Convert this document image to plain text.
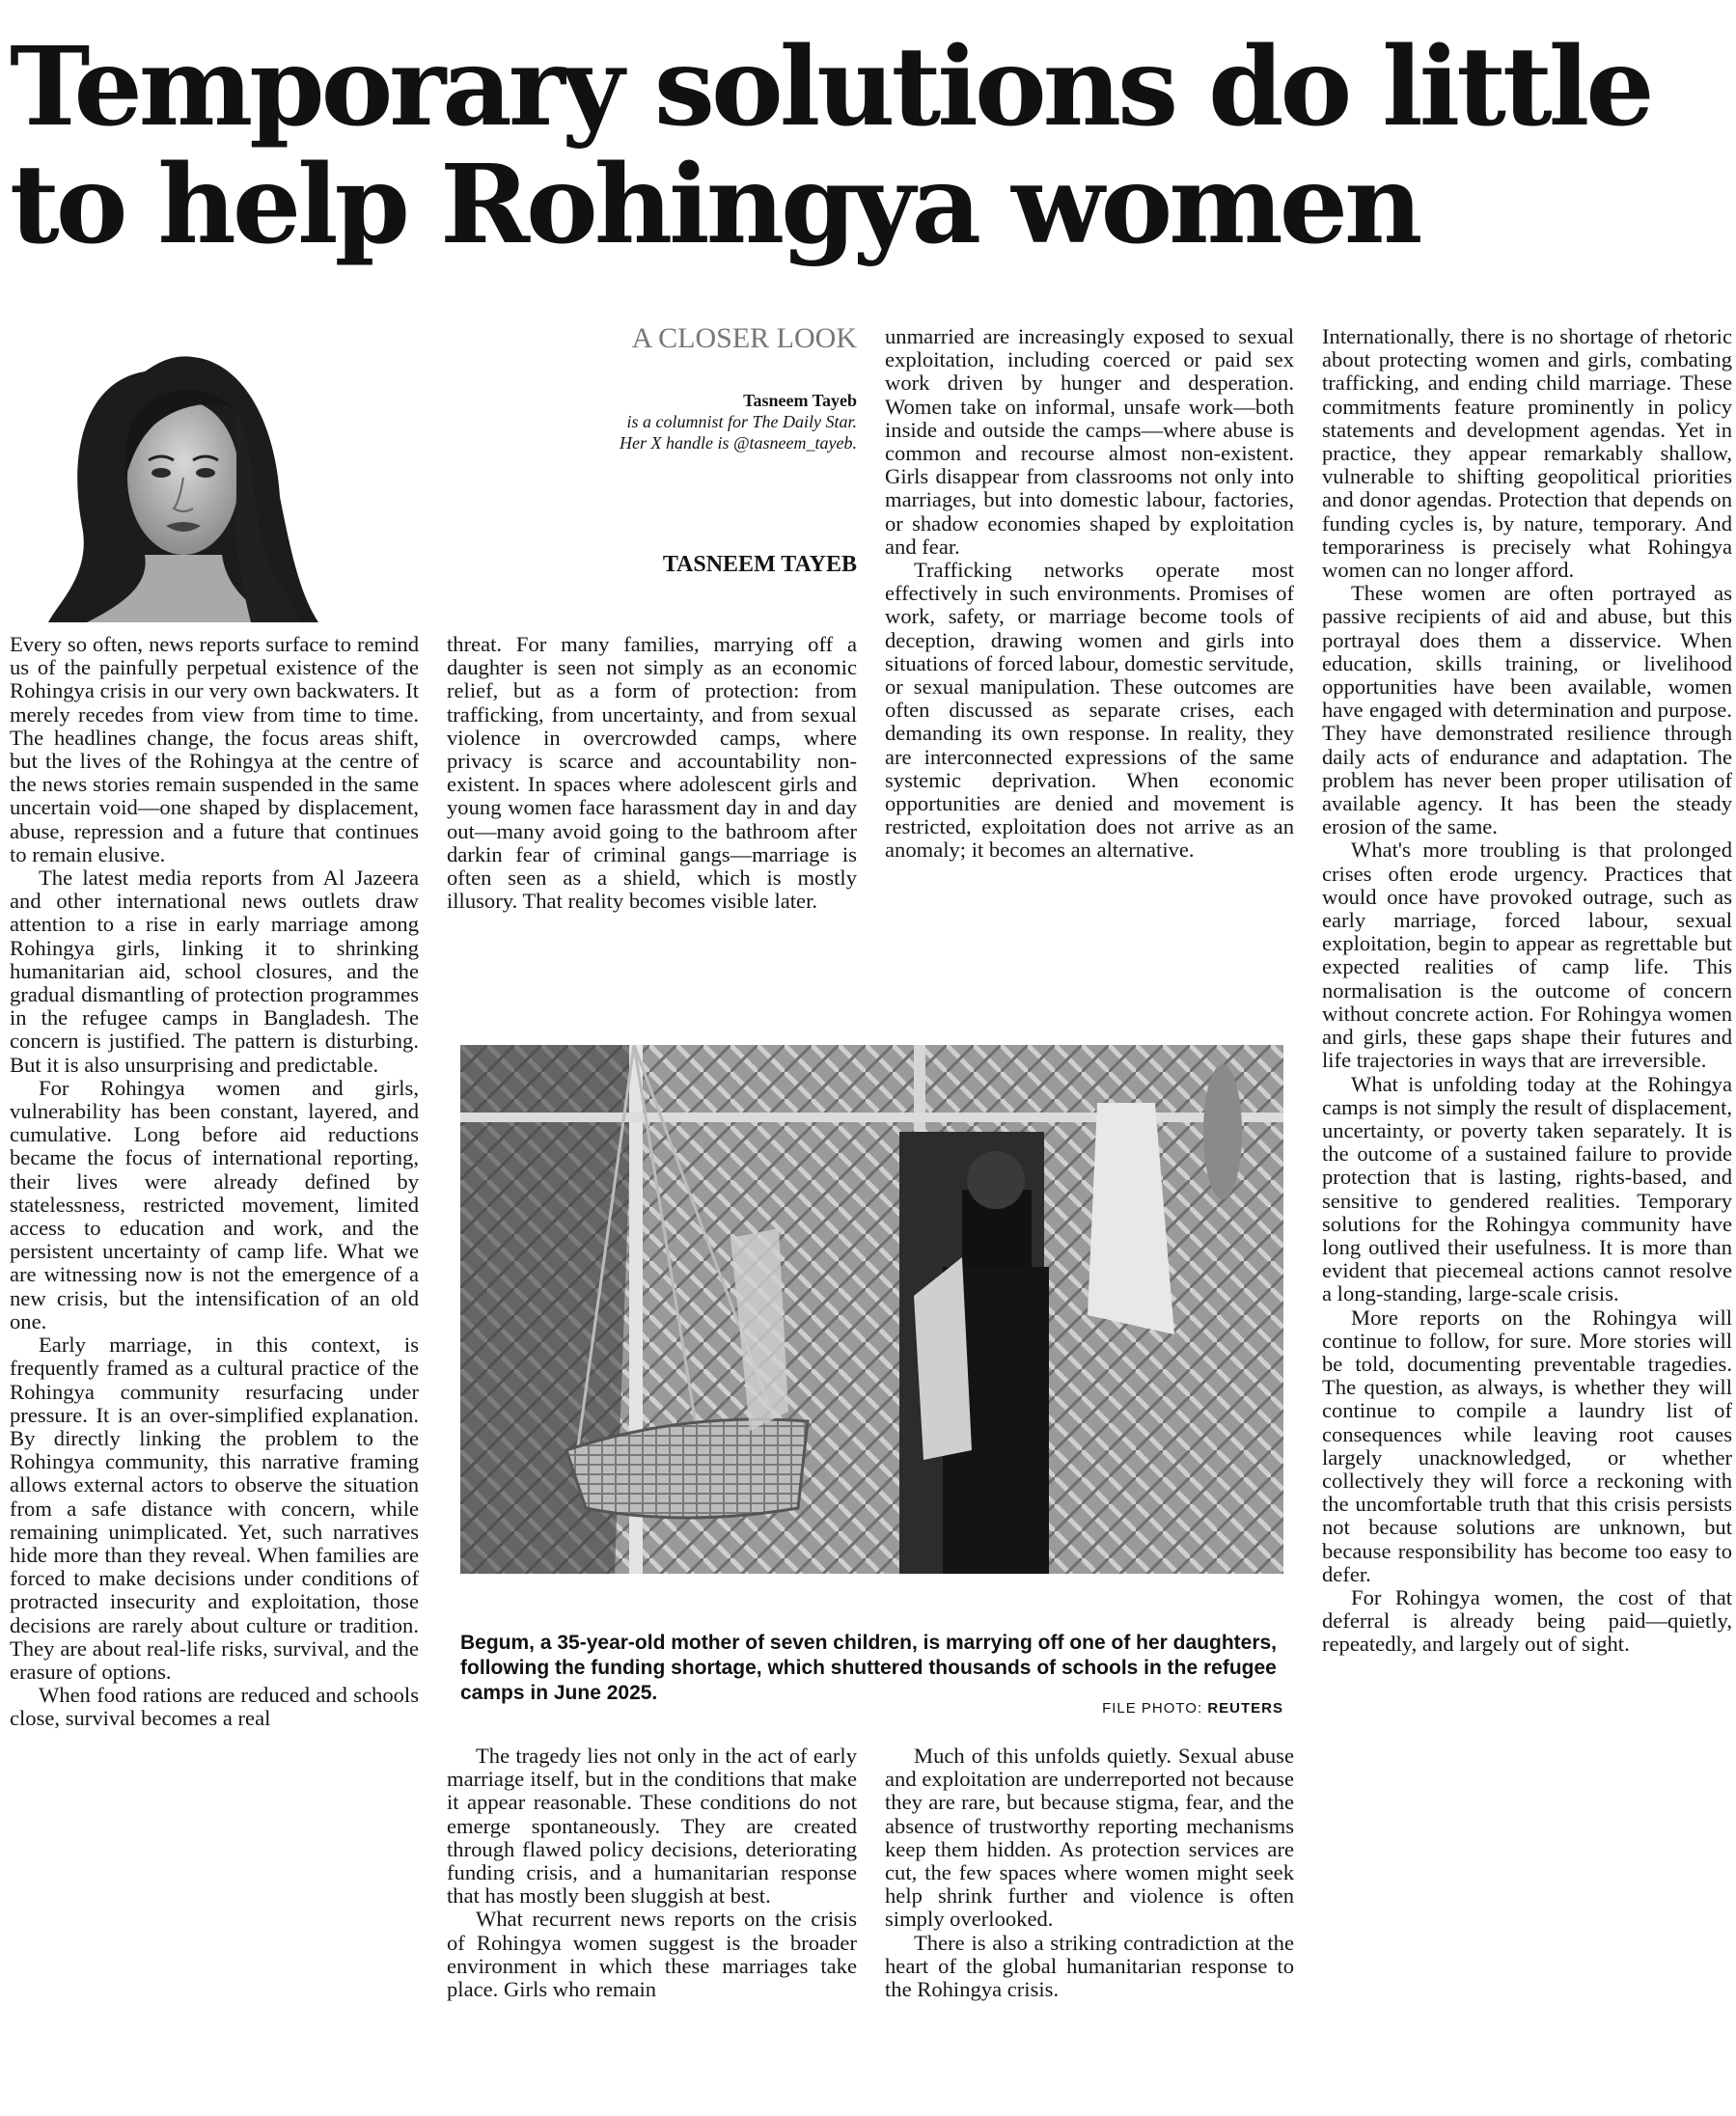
Temporary solutions do little
to help Rohingya women
A CLOSER LOOK
Tasneem Tayeb
is a columnist for The Daily Star.
Her X handle is @tasneem_tayeb.
TASNEEM TAYEB

Every so often, news reports surface to remind us of the painfully perpetual existence of the Rohingya crisis in our very own backwaters. It merely recedes from view from time to time. The headlines change, the focus areas shift, but the lives of the Rohingya at the centre of the news stories remain suspended in the same uncertain void—one shaped by displacement, abuse, repression and a future that continues to remain elusive.

The latest media reports from Al Jazeera and other international news outlets draw attention to a rise in early marriage among Rohingya girls, linking it to shrinking humanitarian aid, school closures, and the gradual dismantling of protection programmes in the refugee camps in Bangladesh. The concern is justified. The pattern is disturbing. But it is also unsurprising and predictable.

For Rohingya women and girls, vulnerability has been constant, layered, and cumulative. Long before aid reductions became the focus of international reporting, their lives were already defined by statelessness, restricted movement, limited access to education and work, and the persistent uncertainty of camp life. What we are witnessing now is not the emergence of a new crisis, but the intensification of an old one.

Early marriage, in this context, is frequently framed as a cultural practice of the Rohingya community resurfacing under pressure. It is an over-simplified explanation. By directly linking the problem to the Rohingya community, this narrative framing allows external actors to observe the situation from a safe distance with concern, while remaining unimplicated. Yet, such narratives hide more than they reveal. When families are forced to make decisions under conditions of protracted insecurity and exploitation, those decisions are rarely about culture or tradition. They are about real-life risks, survival, and the erasure of options.

When food rations are reduced and schools close, survival becomes a real

threat. For many families, marrying off a daughter is seen not simply as an economic relief, but as a form of protection: from trafficking, from uncertainty, and from sexual violence in overcrowded camps, where privacy is scarce and accountability non-existent. In spaces where adolescent girls and young women face harassment day in and day out—many avoid going to the bathroom after darkin fear of criminal gangs—marriage is often seen as a shield, which is mostly illusory. That reality becomes visible later.

unmarried are increasingly exposed to sexual exploitation, including coerced or paid sex work driven by hunger and desperation. Women take on informal, unsafe work—both inside and outside the camps—where abuse is common and recourse almost non-existent. Girls disappear from classrooms not only into marriages, but into domestic labour, factories, or shadow economies shaped by exploitation and fear.

Trafficking networks operate most effectively in such environments. Promises of work, safety, or marriage become tools of deception, drawing women and girls into situations of forced labour, domestic servitude, or sexual manipulation. These outcomes are often discussed as separate crises, each demanding its own response. In reality, they are interconnected expressions of the same systemic deprivation. When economic opportunities are denied and movement is restricted, exploitation does not arrive as an anomaly; it becomes an alternative.

Internationally, there is no shortage of rhetoric about protecting women and girls, combating trafficking, and ending child marriage. These commitments feature prominently in policy statements and development agendas. Yet in practice, they appear remarkably shallow, vulnerable to shifting geopolitical priorities and donor agendas. Protection that depends on funding cycles is, by nature, temporary. And temporariness is precisely what Rohingya women can no longer afford.

These women are often portrayed as passive recipients of aid and abuse, but this portrayal does them a disservice. When education, skills training, or livelihood opportunities have been available, women have engaged with determination and purpose. They have demonstrated resilience through daily acts of endurance and adaptation. The problem has never been proper utilisation of available agency. It has been the steady erosion of the same.

What's more troubling is that prolonged crises often erode urgency. Practices that would once have provoked outrage, such as early marriage, forced labour, sexual exploitation, begin to appear as regrettable but expected realities of camp life. This normalisation is the outcome of concern without concrete action. For Rohingya women and girls, these gaps shape their futures and life trajectories in ways that are irreversible.

What is unfolding today at the Rohingya camps is not simply the result of displacement, uncertainty, or poverty taken separately. It is the outcome of a sustained failure to provide protection that is lasting, rights-based, and sensitive to gendered realities. Temporary solutions for the Rohingya community have long outlived their usefulness. It is more than evident that piecemeal actions cannot resolve a long-standing, large-scale crisis.

More reports on the Rohingya will continue to follow, for sure. More stories will be told, documenting preventable tragedies. The question, as always, is whether they will continue to compile a laundry list of consequences while leaving root causes largely unacknowledged, or whether collectively they will force a reckoning with the uncomfortable truth that this crisis persists not because solutions are unknown, but because responsibility has become too easy to defer.

For Rohingya women, the cost of that deferral is already being paid—quietly, repeatedly, and largely out of sight.

Begum, a 35-year-old mother of seven children, is marrying off one of her daughters, following the funding shortage, which shuttered thousands of schools in the refugee camps in June 2025.
FILE PHOTO: REUTERS

The tragedy lies not only in the act of early marriage itself, but in the conditions that make it appear reasonable. These conditions do not emerge spontaneously. They are created through flawed policy decisions, deteriorating funding crisis, and a humanitarian response that has mostly been sluggish at best.

What recurrent news reports on the crisis of Rohingya women suggest is the broader environment in which these marriages take place. Girls who remain

Much of this unfolds quietly. Sexual abuse and exploitation are underreported not because they are rare, but because stigma, fear, and the absence of trustworthy reporting mechanisms keep them hidden. As protection services are cut, the few spaces where women might seek help shrink further and violence is often simply overlooked.

There is also a striking contradiction at the heart of the global humanitarian response to the Rohingya crisis.
